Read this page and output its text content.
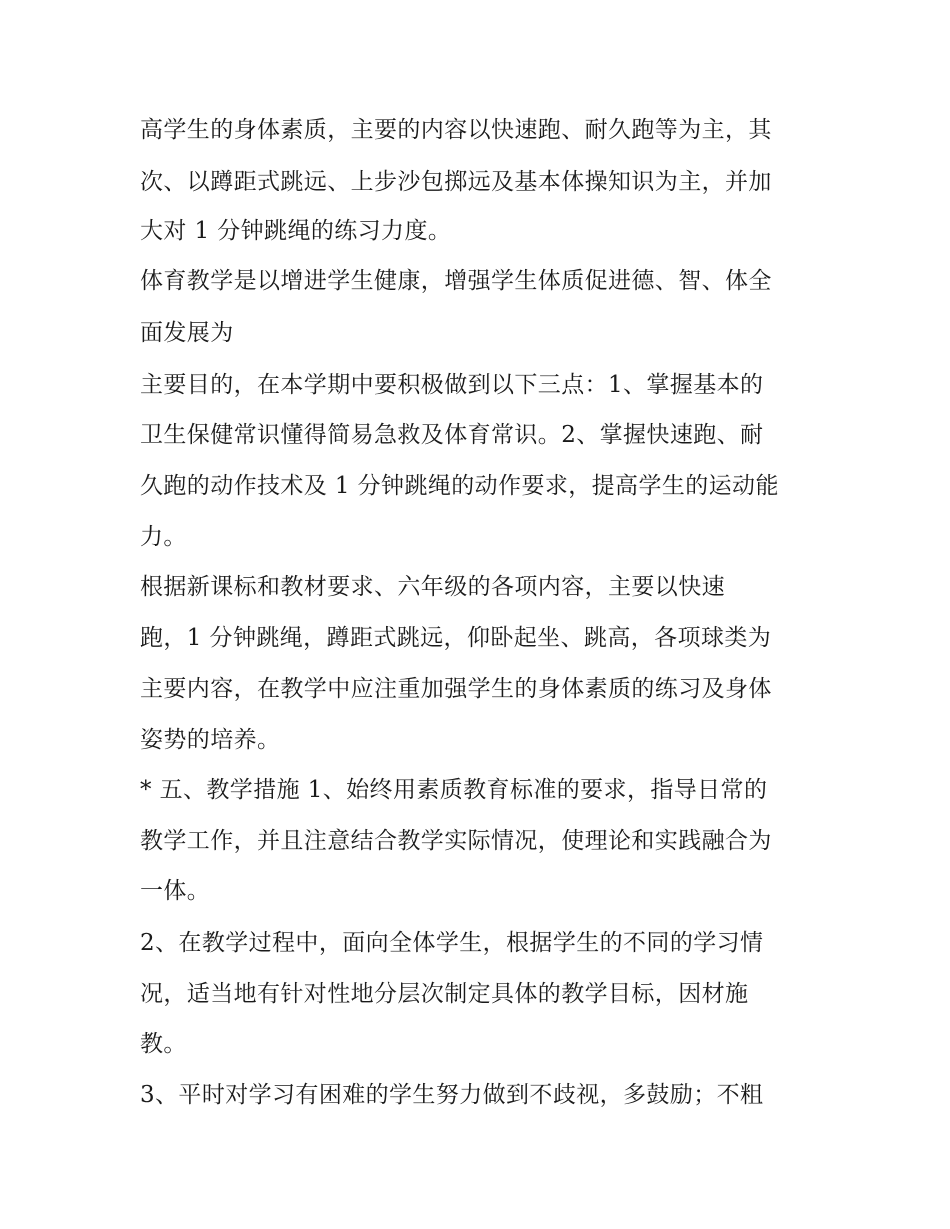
高学生的身体素质，主要的内容以快速跑、耐久跑等为主，其
次、以蹲距式跳远、上步沙包掷远及基本体操知识为主，并加
大对 1 分钟跳绳的练习力度。
体育教学是以增进学生健康，增强学生体质促进德、智、体全
面发展为
主要目的，在本学期中要积极做到以下三点：1、掌握基本的
卫生保健常识懂得简易急救及体育常识。2、掌握快速跑、耐
久跑的动作技术及 1 分钟跳绳的动作要求，提高学生的运动能
力。
根据新课标和教材要求、六年级的各项内容，主要以快速
跑，1 分钟跳绳，蹲距式跳远，仰卧起坐、跳高，各项球类为
主要内容，在教学中应注重加强学生的身体素质的练习及身体
姿势的培养。
* 五、教学措施 1、始终用素质教育标准的要求，指导日常的
教学工作，并且注意结合教学实际情况，使理论和实践融合为
一体。
2、在教学过程中，面向全体学生，根据学生的不同的学习情
况，适当地有针对性地分层次制定具体的教学目标，因材施
教。
3、平时对学习有困难的学生努力做到不歧视，多鼓励；不粗
